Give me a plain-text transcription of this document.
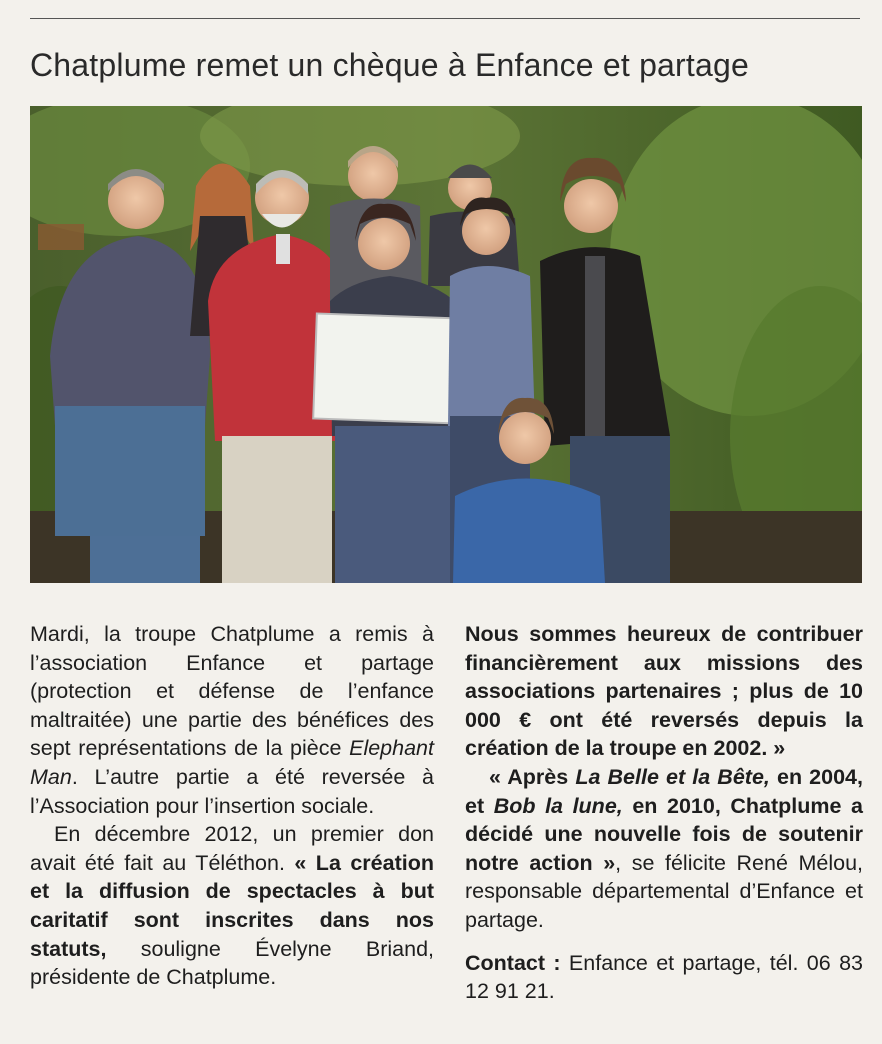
Chatplume remet un chèque à Enfance et partage

Mardi, la troupe Chatplume a remis à l’association Enfance et partage (protection et défense de l’enfance maltraitée) une partie des bénéfices des sept représentations de la pièce Elephant Man. L’autre partie a été reversée à l’Association pour l’insertion sociale.

En décembre 2012, un premier don avait été fait au Téléthon. « La création et la diffusion de spectacles à but caritatif sont inscrites dans nos statuts, souligne Évelyne Briand, présidente de Chatplume.

Nous sommes heureux de contribuer financièrement aux missions des associations partenaires ; plus de 10 000 € ont été reversés depuis la création de la troupe en 2002. »

« Après La Belle et la Bête, en 2004, et Bob la lune, en 2010, Chatplume a décidé une nouvelle fois de soutenir notre action », se félicite René Mélou, responsable départemental d’Enfance et partage.

Contact : Enfance et partage, tél. 06 83 12 91 21.
